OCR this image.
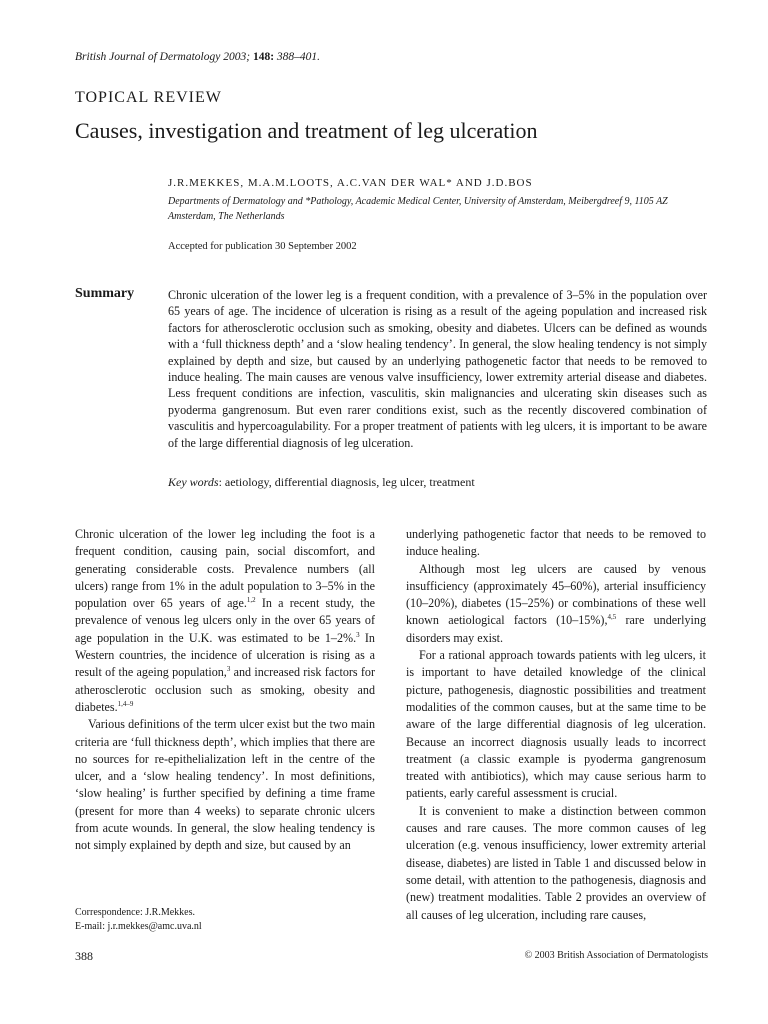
British Journal of Dermatology 2003; 148: 388–401.
TOPICAL REVIEW
Causes, investigation and treatment of leg ulceration
J.R.MEKKES, M.A.M.LOOTS, A.C.VAN DER WAL* AND J.D.BOS
Departments of Dermatology and *Pathology, Academic Medical Center, University of Amsterdam, Meibergdreef 9, 1105 AZ Amsterdam, The Netherlands
Accepted for publication 30 September 2002
Summary	Chronic ulceration of the lower leg is a frequent condition, with a prevalence of 3–5% in the population over 65 years of age. The incidence of ulceration is rising as a result of the ageing population and increased risk factors for atherosclerotic occlusion such as smoking, obesity and diabetes. Ulcers can be defined as wounds with a ‘full thickness depth’ and a ‘slow healing tendency’. In general, the slow healing tendency is not simply explained by depth and size, but caused by an underlying pathogenetic factor that needs to be removed to induce healing. The main causes are venous valve insufficiency, lower extremity arterial disease and diabetes. Less frequent conditions are infection, vasculitis, skin malignancies and ulcerating skin diseases such as pyoderma gangrenosum. But even rarer conditions exist, such as the recently discovered combination of vasculitis and hypercoagulability. For a proper treatment of patients with leg ulcers, it is important to be aware of the large differential diagnosis of leg ulceration.
Key words: aetiology, differential diagnosis, leg ulcer, treatment

Chronic ulceration of the lower leg including the foot is a frequent condition, causing pain, social discomfort, and generating considerable costs. Prevalence numbers (all ulcers) range from 1% in the adult population to 3–5% in the population over 65 years of age.$^{1,2}$ In a recent study, the prevalence of venous leg ulcers only in the over 65 years of age population in the U.K. was estimated to be 1–2%.$^3$ In Western countries, the incidence of ulceration is rising as a result of the ageing population,$^3$ and increased risk factors for atherosclerotic occlusion such as smoking, obesity and diabetes.$^{1,4-9}$

Various definitions of the term ulcer exist but the two main criteria are ‘full thickness depth’, which implies that there are no sources for re-epithelialization left in the centre of the ulcer, and a ‘slow healing tendency’. In most definitions, ‘slow healing’ is further specified by defining a time frame (present for more than 4 weeks) to separate chronic ulcers from acute wounds. In general, the slow healing tendency is not simply explained by depth and size, but caused by an

underlying pathogenetic factor that needs to be removed to induce healing.

Although most leg ulcers are caused by venous insufficiency (approximately 45–60%), arterial insufficiency (10–20%), diabetes (15–25%) or combinations of these well known aetiological factors (10–15%),$^{4,5}$ rare underlying disorders may exist.

For a rational approach towards patients with leg ulcers, it is important to have detailed knowledge of the clinical picture, pathogenesis, diagnostic possibilities and treatment modalities of the common causes, but at the same time to be aware of the large differential diagnosis of leg ulceration. Because an incorrect diagnosis usually leads to incorrect treatment (a classic example is pyoderma gangrenosum treated with antibiotics), which may cause serious harm to patients, early careful assessment is crucial.

It is convenient to make a distinction between common causes and rare causes. The more common causes of leg ulceration (e.g. venous insufficiency, lower extremity arterial disease, diabetes) are listed in Table 1 and discussed below in some detail, with attention to the pathogenesis, diagnosis and (new) treatment modalities. Table 2 provides an overview of all causes of leg ulceration, including rare causes,

Correspondence: J.R.Mekkes.
E-mail: j.r.mekkes@amc.uva.nl
388	© 2003 British Association of Dermatologists
